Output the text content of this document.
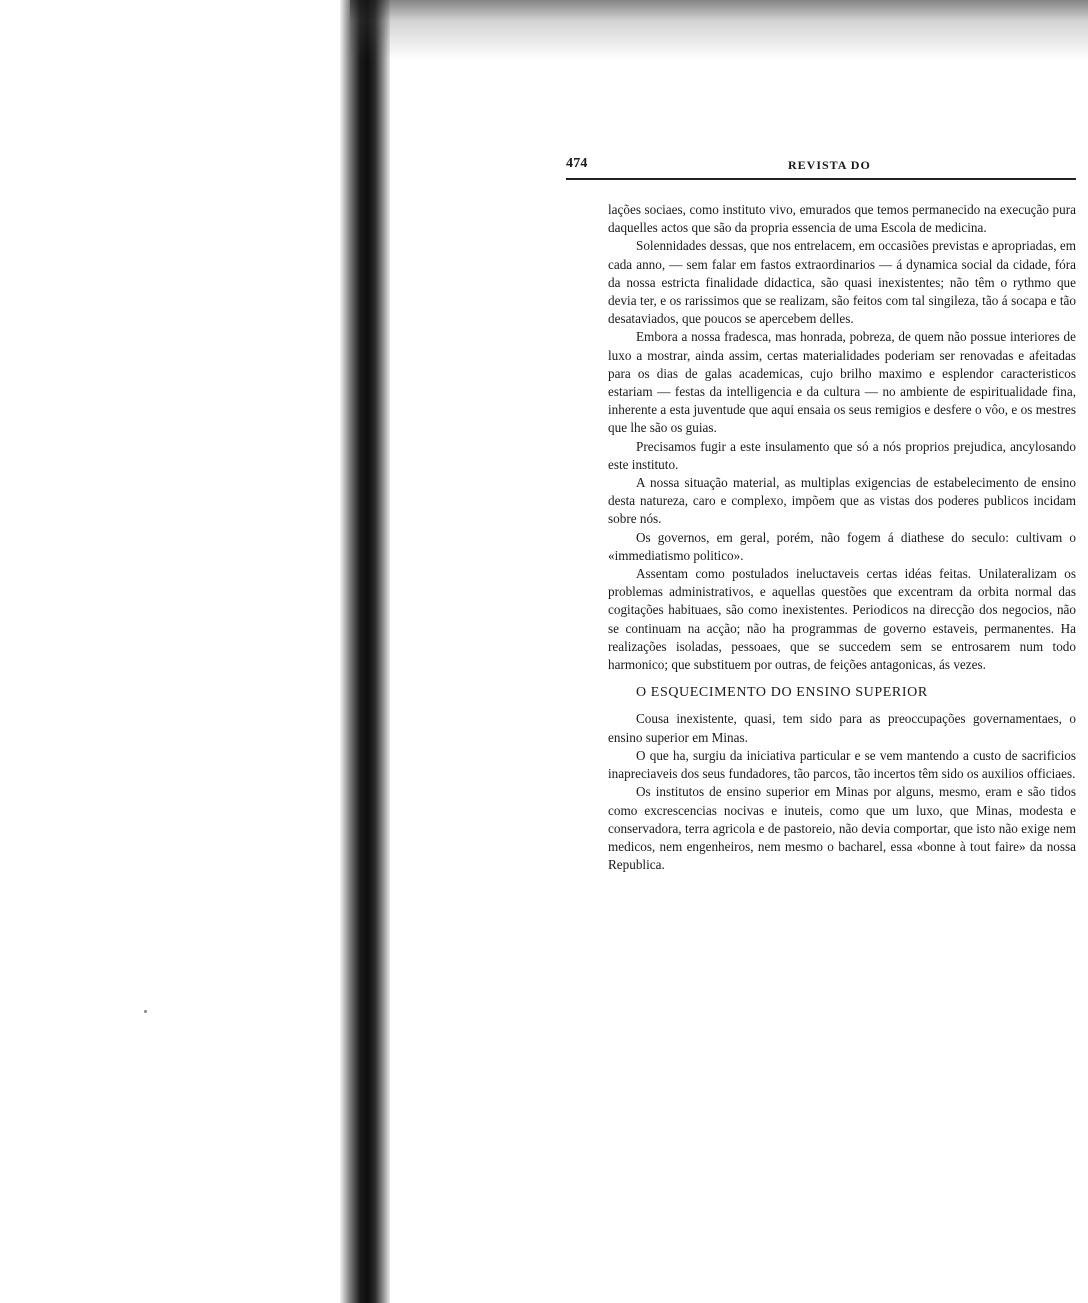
474	REVISTA DO

lações sociaes, como instituto vivo, emurados que temos permanecido na execução pura daquelles actos que são da propria essencia de uma Escola de medicina.

Solennidades dessas, que nos entrelacem, em occasiões previstas e apropriadas, em cada anno, — sem falar em fastos extraordinarios — á dynamica social da cidade, fóra da nossa estricta finalidade didactica, são quasi inexistentes; não têm o rythmo que devia ter, e os rarissimos que se realizam, são feitos com tal singileza, tão á socapa e tão desataviados, que poucos se apercebem delles.

Embora a nossa fradesca, mas honrada, pobreza, de quem não possue interiores de luxo a mostrar, ainda assim, certas materialidades poderiam ser renovadas e afeitadas para os dias de galas academicas, cujo brilho maximo e esplendor caracteristicos estariam — festas da intelligencia e da cultura — no ambiente de espiritualidade fina, inherente a esta juventude que aqui ensaia os seus remigios e desfere o vôo, e os mestres que lhe são os guias.

Precisamos fugir a este insulamento que só a nós proprios prejudica, ancylosando este instituto.

A nossa situação material, as multiplas exigencias de estabelecimento de ensino desta natureza, caro e complexo, impõem que as vistas dos poderes publicos incidam sobre nós.

Os governos, em geral, porém, não fogem á diathese do seculo: cultivam o «immediatismo politico».

Assentam como postulados ineluctaveis certas idéas feitas. Unilateralizam os problemas administrativos, e aquellas questões que excentram da orbita normal das cogitações habituaes, são como inexistentes. Periodicos na direcção dos negocios, não se continuam na acção; não ha programmas de governo estaveis, permanentes. Ha realizações isoladas, pessoaes, que se succedem sem se entrosarem num todo harmonico; que substituem por outras, de feições antagonicas, ás vezes.

O ESQUECIMENTO DO ENSINO SUPERIOR

Cousa inexistente, quasi, tem sido para as preoccupações governamentaes, o ensino superior em Minas.

O que ha, surgiu da iniciativa particular e se vem mantendo a custo de sacrificios inapreciaveis dos seus fundadores, tão parcos, tão incertos têm sido os auxilios officiaes.

Os institutos de ensino superior em Minas por alguns, mesmo, eram e são tidos como excrescencias nocivas e inuteis, como que um luxo, que Minas, modesta e conservadora, terra agricola e de pastoreio, não devia comportar, que isto não exige nem medicos, nem engenheiros, nem mesmo o bacharel, essa «bonne à tout faire» da nossa Republica.
